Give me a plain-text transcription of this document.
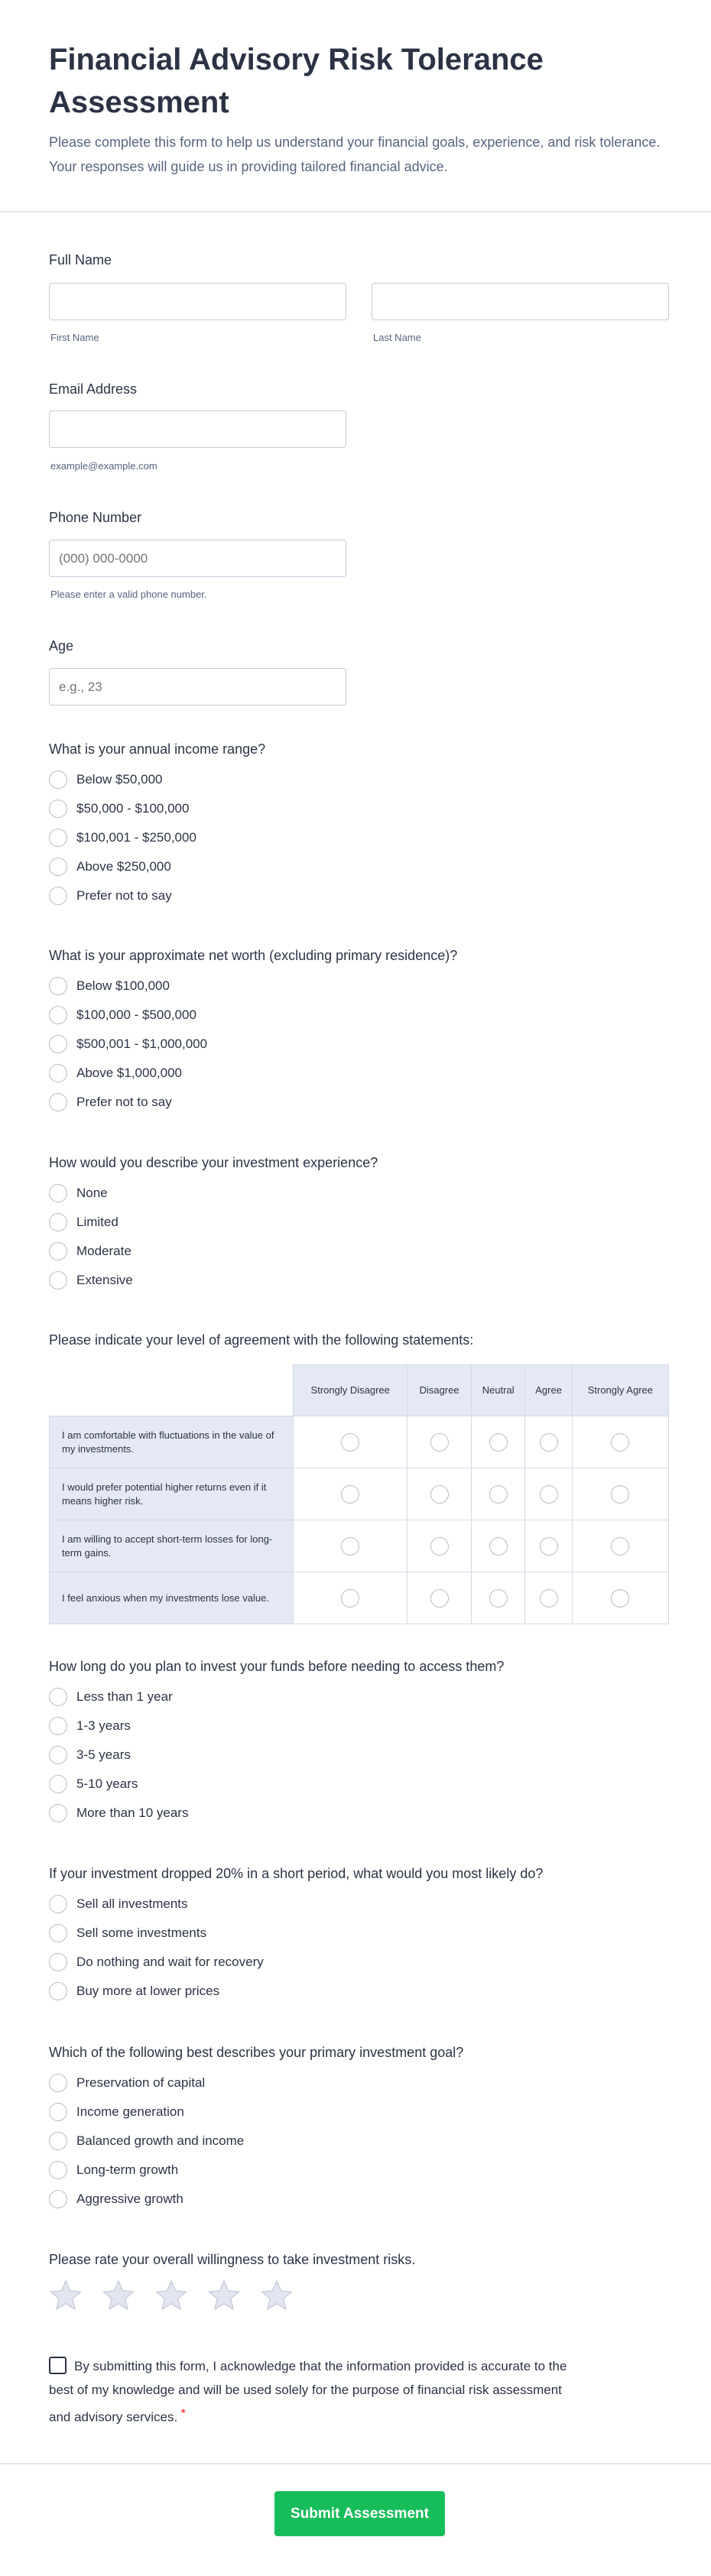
Financial Advisory Risk Tolerance Assessment

Please complete this form to help us understand your financial goals, experience, and risk tolerance. Your responses will guide us in providing tailored financial advice.

Full Name
First Name	Last Name
Email Address
example@example.com
Phone Number
(000) 000-0000
Please enter a valid phone number.
Age
e.g., 23
What is your annual income range?
Below $50,000
$50,000 - $100,000
$100,001 - $250,000
Above $250,000
Prefer not to say
What is your approximate net worth (excluding primary residence)?
Below $100,000
$100,000 - $500,000
$500,001 - $1,000,000
Above $1,000,000
Prefer not to say
How would you describe your investment experience?
None
Limited
Moderate
Extensive
Please indicate your level of agreement with the following statements:
	Strongly Disagree	Disagree	Neutral	Agree	Strongly Agree
I am comfortable with fluctuations in the value of my investments.					
I would prefer potential higher returns even if it means higher risk.					
I am willing to accept short-term losses for long-term gains.					
I feel anxious when my investments lose value.					
How long do you plan to invest your funds before needing to access them?
Less than 1 year
1-3 years
3-5 years
5-10 years
More than 10 years
If your investment dropped 20% in a short period, what would you most likely do?
Sell all investments
Sell some investments
Do nothing and wait for recovery
Buy more at lower prices
Which of the following best describes your primary investment goal?
Preservation of capital
Income generation
Balanced growth and income
Long-term growth
Aggressive growth
Please rate your overall willingness to take investment risks.
By submitting this form, I acknowledge that the information provided is accurate to the best of my knowledge and will be used solely for the purpose of financial risk assessment and advisory services. *
Submit Assessment
